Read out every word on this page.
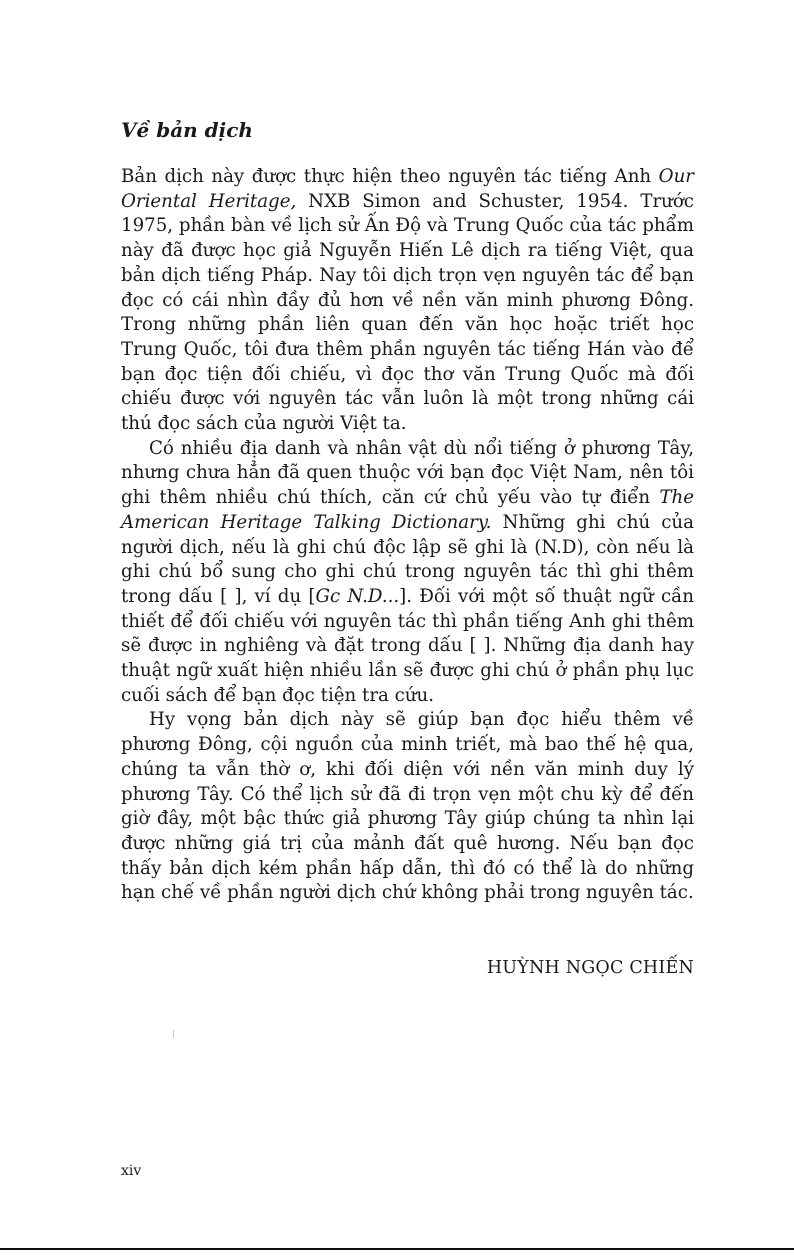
Về bản dịch

Bản dịch này được thực hiện theo nguyên tác tiếng Anh Our Oriental Heritage, NXB Simon and Schuster, 1954. Trước 1975, phần bàn về lịch sử Ấn Độ và Trung Quốc của tác phẩm này đã được học giả Nguyễn Hiến Lê dịch ra tiếng Việt, qua bản dịch tiếng Pháp. Nay tôi dịch trọn vẹn nguyên tác để bạn đọc có cái nhìn đầy đủ hơn về nền văn minh phương Đông. Trong những phần liên quan đến văn học hoặc triết học Trung Quốc, tôi đưa thêm phần nguyên tác tiếng Hán vào để bạn đọc tiện đối chiếu, vì đọc thơ văn Trung Quốc mà đối chiếu được với nguyên tác vẫn luôn là một trong những cái thú đọc sách của người Việt ta.

Có nhiều địa danh và nhân vật dù nổi tiếng ở phương Tây, nhưng chưa hẳn đã quen thuộc với bạn đọc Việt Nam, nên tôi ghi thêm nhiều chú thích, căn cứ chủ yếu vào tự điển The American Heritage Talking Dictionary. Những ghi chú của người dịch, nếu là ghi chú độc lập sẽ ghi là (N.D), còn nếu là ghi chú bổ sung cho ghi chú trong nguyên tác thì ghi thêm trong dấu [ ], ví dụ [Gc N.D...]. Đối với một số thuật ngữ cần thiết để đối chiếu với nguyên tác thì phần tiếng Anh ghi thêm sẽ được in nghiêng và đặt trong dấu [ ]. Những địa danh hay thuật ngữ xuất hiện nhiều lần sẽ được ghi chú ở phần phụ lục cuối sách để bạn đọc tiện tra cứu.

Hy vọng bản dịch này sẽ giúp bạn đọc hiểu thêm về phương Đông, cội nguồn của minh triết, mà bao thế hệ qua, chúng ta vẫn thờ ơ, khi đối diện với nền văn minh duy lý phương Tây. Có thể lịch sử đã đi trọn vẹn một chu kỳ để đến giờ đây, một bậc thức giả phương Tây giúp chúng ta nhìn lại được những giá trị của mảnh đất quê hương. Nếu bạn đọc thấy bản dịch kém phần hấp dẫn, thì đó có thể là do những hạn chế về phần người dịch chứ không phải trong nguyên tác.

HUỲNH NGỌC CHIẾN
xiv
